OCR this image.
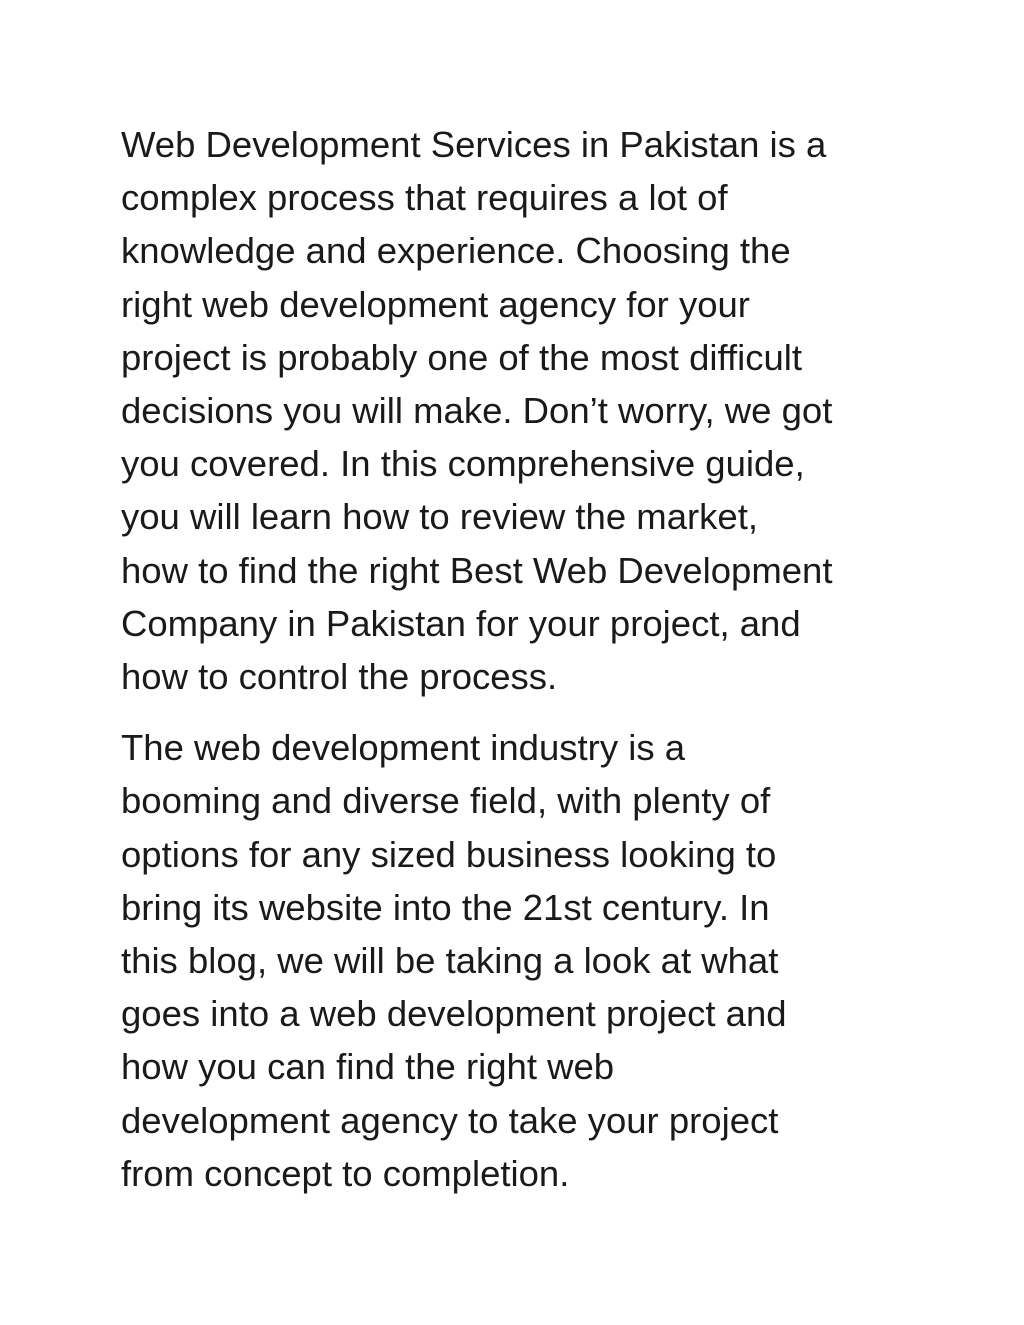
Web Development Services in Pakistan is a
complex process that requires a lot of
knowledge and experience. Choosing the
right web development agency for your
project is probably one of the most difficult
decisions you will make. Don’t worry, we got
you covered. In this comprehensive guide,
you will learn how to review the market,
how to find the right Best Web Development
Company in Pakistan for your project, and
how to control the process.

The web development industry is a
booming and diverse field, with plenty of
options for any sized business looking to
bring its website into the 21st century. In
this blog, we will be taking a look at what
goes into a web development project and
how you can find the right web
development agency to take your project
from concept to completion.
